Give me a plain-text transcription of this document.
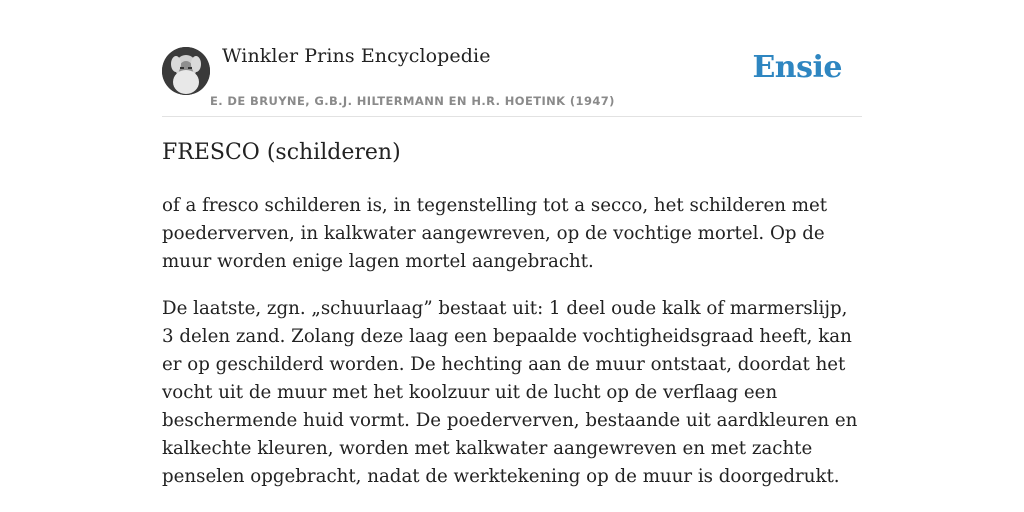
Winkler Prins Encyclopedie
E. DE BRUYNE, G.B.J. HILTERMANN EN H.R. HOETINK (1947)
Ensie
FRESCO (schilderen)

of a fresco schilderen is, in tegenstelling tot a secco, het schilderen met poederverven, in kalkwater aangewreven, op de vochtige mortel. Op de muur worden enige lagen mortel aangebracht.

De laatste, zgn. „schuurlaag” bestaat uit: 1 deel oude kalk of marmerslijp, 3 delen zand. Zolang deze laag een bepaalde vochtigheidsgraad heeft, kan er op geschilderd worden. De hechting aan de muur ontstaat, doordat het vocht uit de muur met het koolzuur uit de lucht op de verflaag een beschermende huid vormt. De poederverven, bestaande uit aardkleuren en kalkechte kleuren, worden met kalkwater aangewreven en met zachte penselen opgebracht, nadat de werktekening op de muur is doorgedrukt.
